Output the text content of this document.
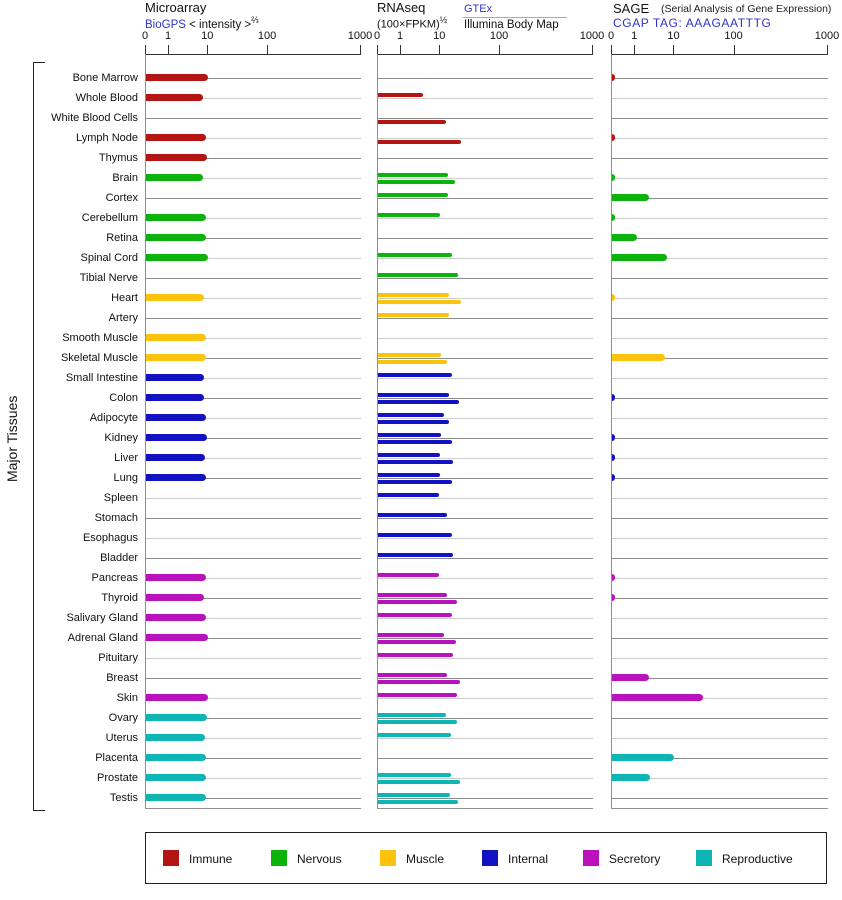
Major Tissues
Microarray
BioGPS < intensity >$^{\frac{2}{3}}$
RNAseq
(100×FPKM)$^{\frac{1}{2}}$
GTEx
Illumina Body Map
SAGE (Serial Analysis of Gene Expression)
CGAP TAG: AAAGAATTTG
Bone Marrow
Whole Blood
White Blood Cells
Lymph Node
Thymus
Brain
Cortex
Cerebellum
Retina
Spinal Cord
Tibial Nerve
Heart
Artery
Smooth Muscle
Skeletal Muscle
Small Intestine
Colon
Adipocyte
Kidney
Liver
Lung
Spleen
Stomach
Esophagus
Bladder
Pancreas
Thyroid
Salivary Gland
Adrenal Gland
Pituitary
Breast
Skin
Ovary
Uterus
Placenta
Prostate
Testis
0 1	10	100	1000 0 1	10	100	1000 0 1	10	100	1000
Immune	Nervous	Muscle	Internal	Secretory	Reproductive
